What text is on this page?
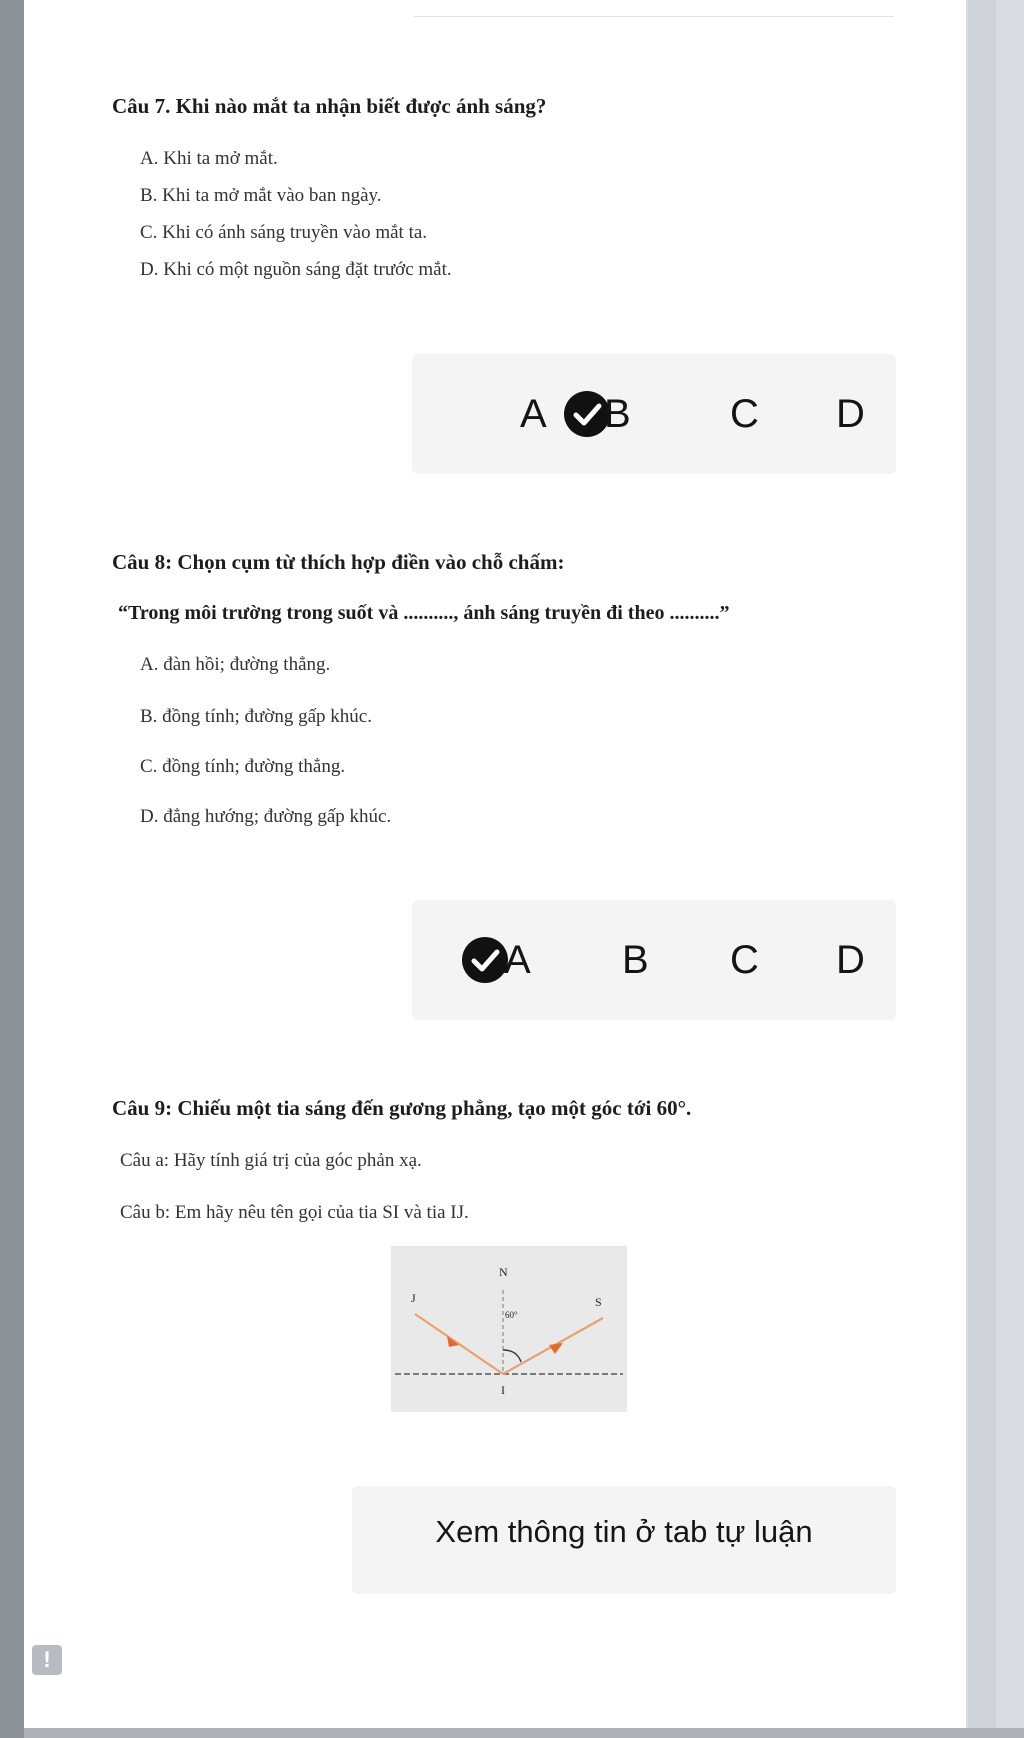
Câu 7. Khi nào mắt ta nhận biết được ánh sáng?
A. Khi ta mở mắt.
B. Khi ta mở mắt vào ban ngày.
C. Khi có ánh sáng truyền vào mắt ta.
D. Khi có một nguồn sáng đặt trước mắt.
A B C D
Câu 8: Chọn cụm từ thích hợp điền vào chỗ chấm:
“Trong môi trường trong suốt và .........., ánh sáng truyền đi theo ..........”
A. đàn hồi; đường thẳng.
B. đồng tính; đường gấp khúc.
C. đồng tính; đường thẳng.
D. đẳng hướng; đường gấp khúc.
A B C D
Câu 9: Chiếu một tia sáng đến gương phẳng, tạo một góc tới 60°.
Câu a: Hãy tính giá trị của góc phản xạ.
Câu b: Em hãy nêu tên gọi của tia SI và tia IJ.
N
J	S
60°
I
Xem thông tin ở tab tự luận
!
